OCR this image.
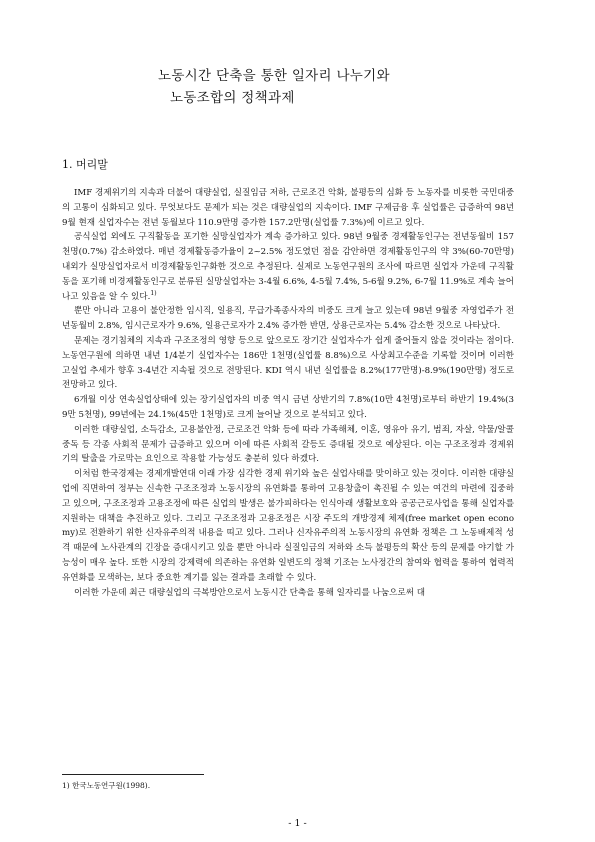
노동시간 단축을 통한 일자리 나누기와
노동조합의 정책과제
1. 머리말

IMF 경제위기의 지속과 더불어 대량실업, 실질임금 저하, 근로조건 악화, 불평등의 심화 등 노동자를 비롯한 국민대중의 고통이 심화되고 있다. 무엇보다도 문제가 되는 것은 대량실업의 지속이다. IMF 구제금융 후 실업률은 급증하여 98년 9월 현재 실업자수는 전년 동월보다 110.9만명 증가한 157.2만명(실업률 7.3%)에 이르고 있다.

공식실업 외에도 구직활동을 포기한 실망실업자가 계속 증가하고 있다. 98년 9월중 경제활동인구는 전년동월비 157천명(0.7%) 감소하였다. 매년 경제활동증가율이 2~2.5% 정도였던 점을 감안하면 경제활동인구의 약 3%(60-70만명) 내외가 실망실업자로서 비경제활동인구화한 것으로 추정된다. 실제로 노동연구원의 조사에 따르면 실업자 가운데 구직활동을 포기해 비경제활동인구로 분류된 실망실업자는 3-4월 6.6%, 4-5월 7.4%, 5-6월 9.2%, 6-7월 11.9%로 계속 늘어나고 있음을 알 수 있다.$^{1)}$

뿐만 아니라 고용이 불안정한 임시직, 일용직, 무급가족종사자의 비중도 크게 늘고 있는데 98년 9월중 자영업주가 전년동월비 2.8%, 임시근로자가 9.6%, 일용근로자가 2.4% 증가한 반면, 상용근로자는 5.4% 감소한 것으로 나타났다.

문제는 경기침체의 지속과 구조조정의 영향 등으로 앞으로도 장기간 실업자수가 쉽게 줄어들지 않을 것이라는 점이다. 노동연구원에 의하면 내년 1/4분기 실업자수는 186만 1천명(실업률 8.8%)으로 사상최고수준을 기록할 것이며 이러한 고실업 추세가 향후 3-4년간 지속될 것으로 전망된다. KDI 역시 내년 실업률을 8.2%(177만명)-8.9%(190만명) 정도로 전망하고 있다.

6개월 이상 연속실업상태에 있는 장기실업자의 비중 역시 금년 상반기의 7.8%(10만 4천명)로부터 하반기 19.4%(39만 5천명), 99년에는 24.1%(45만 1천명)로 크게 늘어날 것으로 분석되고 있다.

이러한 대량실업, 소득감소, 고용불안정, 근로조건 악화 등에 따라 가족해체, 이혼, 영유아 유기, 범죄, 자살, 약물/알콜중독 등 각종 사회적 문제가 급증하고 있으며 이에 따른 사회적 갈등도 증대될 것으로 예상된다. 이는 구조조정과 경제위기의 탈출을 가로막는 요인으로 작용할 가능성도 충분히 있다 하겠다.

이처럼 한국경제는 경제개발연대 이래 가장 심각한 경제 위기와 높은 실업사태를 맞이하고 있는 것이다. 이러한 대량실업에 직면하여 정부는 신속한 구조조정과 노동시장의 유연화를 통하여 고용창출이 촉진될 수 있는 여건의 마련에 집중하고 있으며, 구조조정과 고용조정에 따른 실업의 발생은 불가피하다는 인식아래 생활보호와 공공근로사업을 통해 실업자를 지원하는 대책을 추진하고 있다. 그리고 구조조정과 고용조정은 시장 주도의 개방경제 체제(free market open economy)로 전환하기 위한 신자유주의적 내용을 띠고 있다. 그러나 신자유주의적 노동시장의 유연화 정책은 그 노동배제적 성격 때문에 노사관계의 긴장을 증대시키고 있을 뿐만 아니라 실질임금의 저하와 소득 불평등의 확산 등의 문제를 야기할 가능성이 매우 높다. 또한 시장의 강제력에 의존하는 유연화 일변도의 정책 기조는 노사정간의 참여와 협력을 통하여 협력적 유연화를 모색하는, 보다 중요한 계기를 잃는 결과를 초래할 수 있다.

이러한 가운데 최근 대량실업의 극복방안으로서 노동시간 단축을 통해 일자리를 나눔으로써 대

1) 한국노동연구원(1998).
- 1 -
